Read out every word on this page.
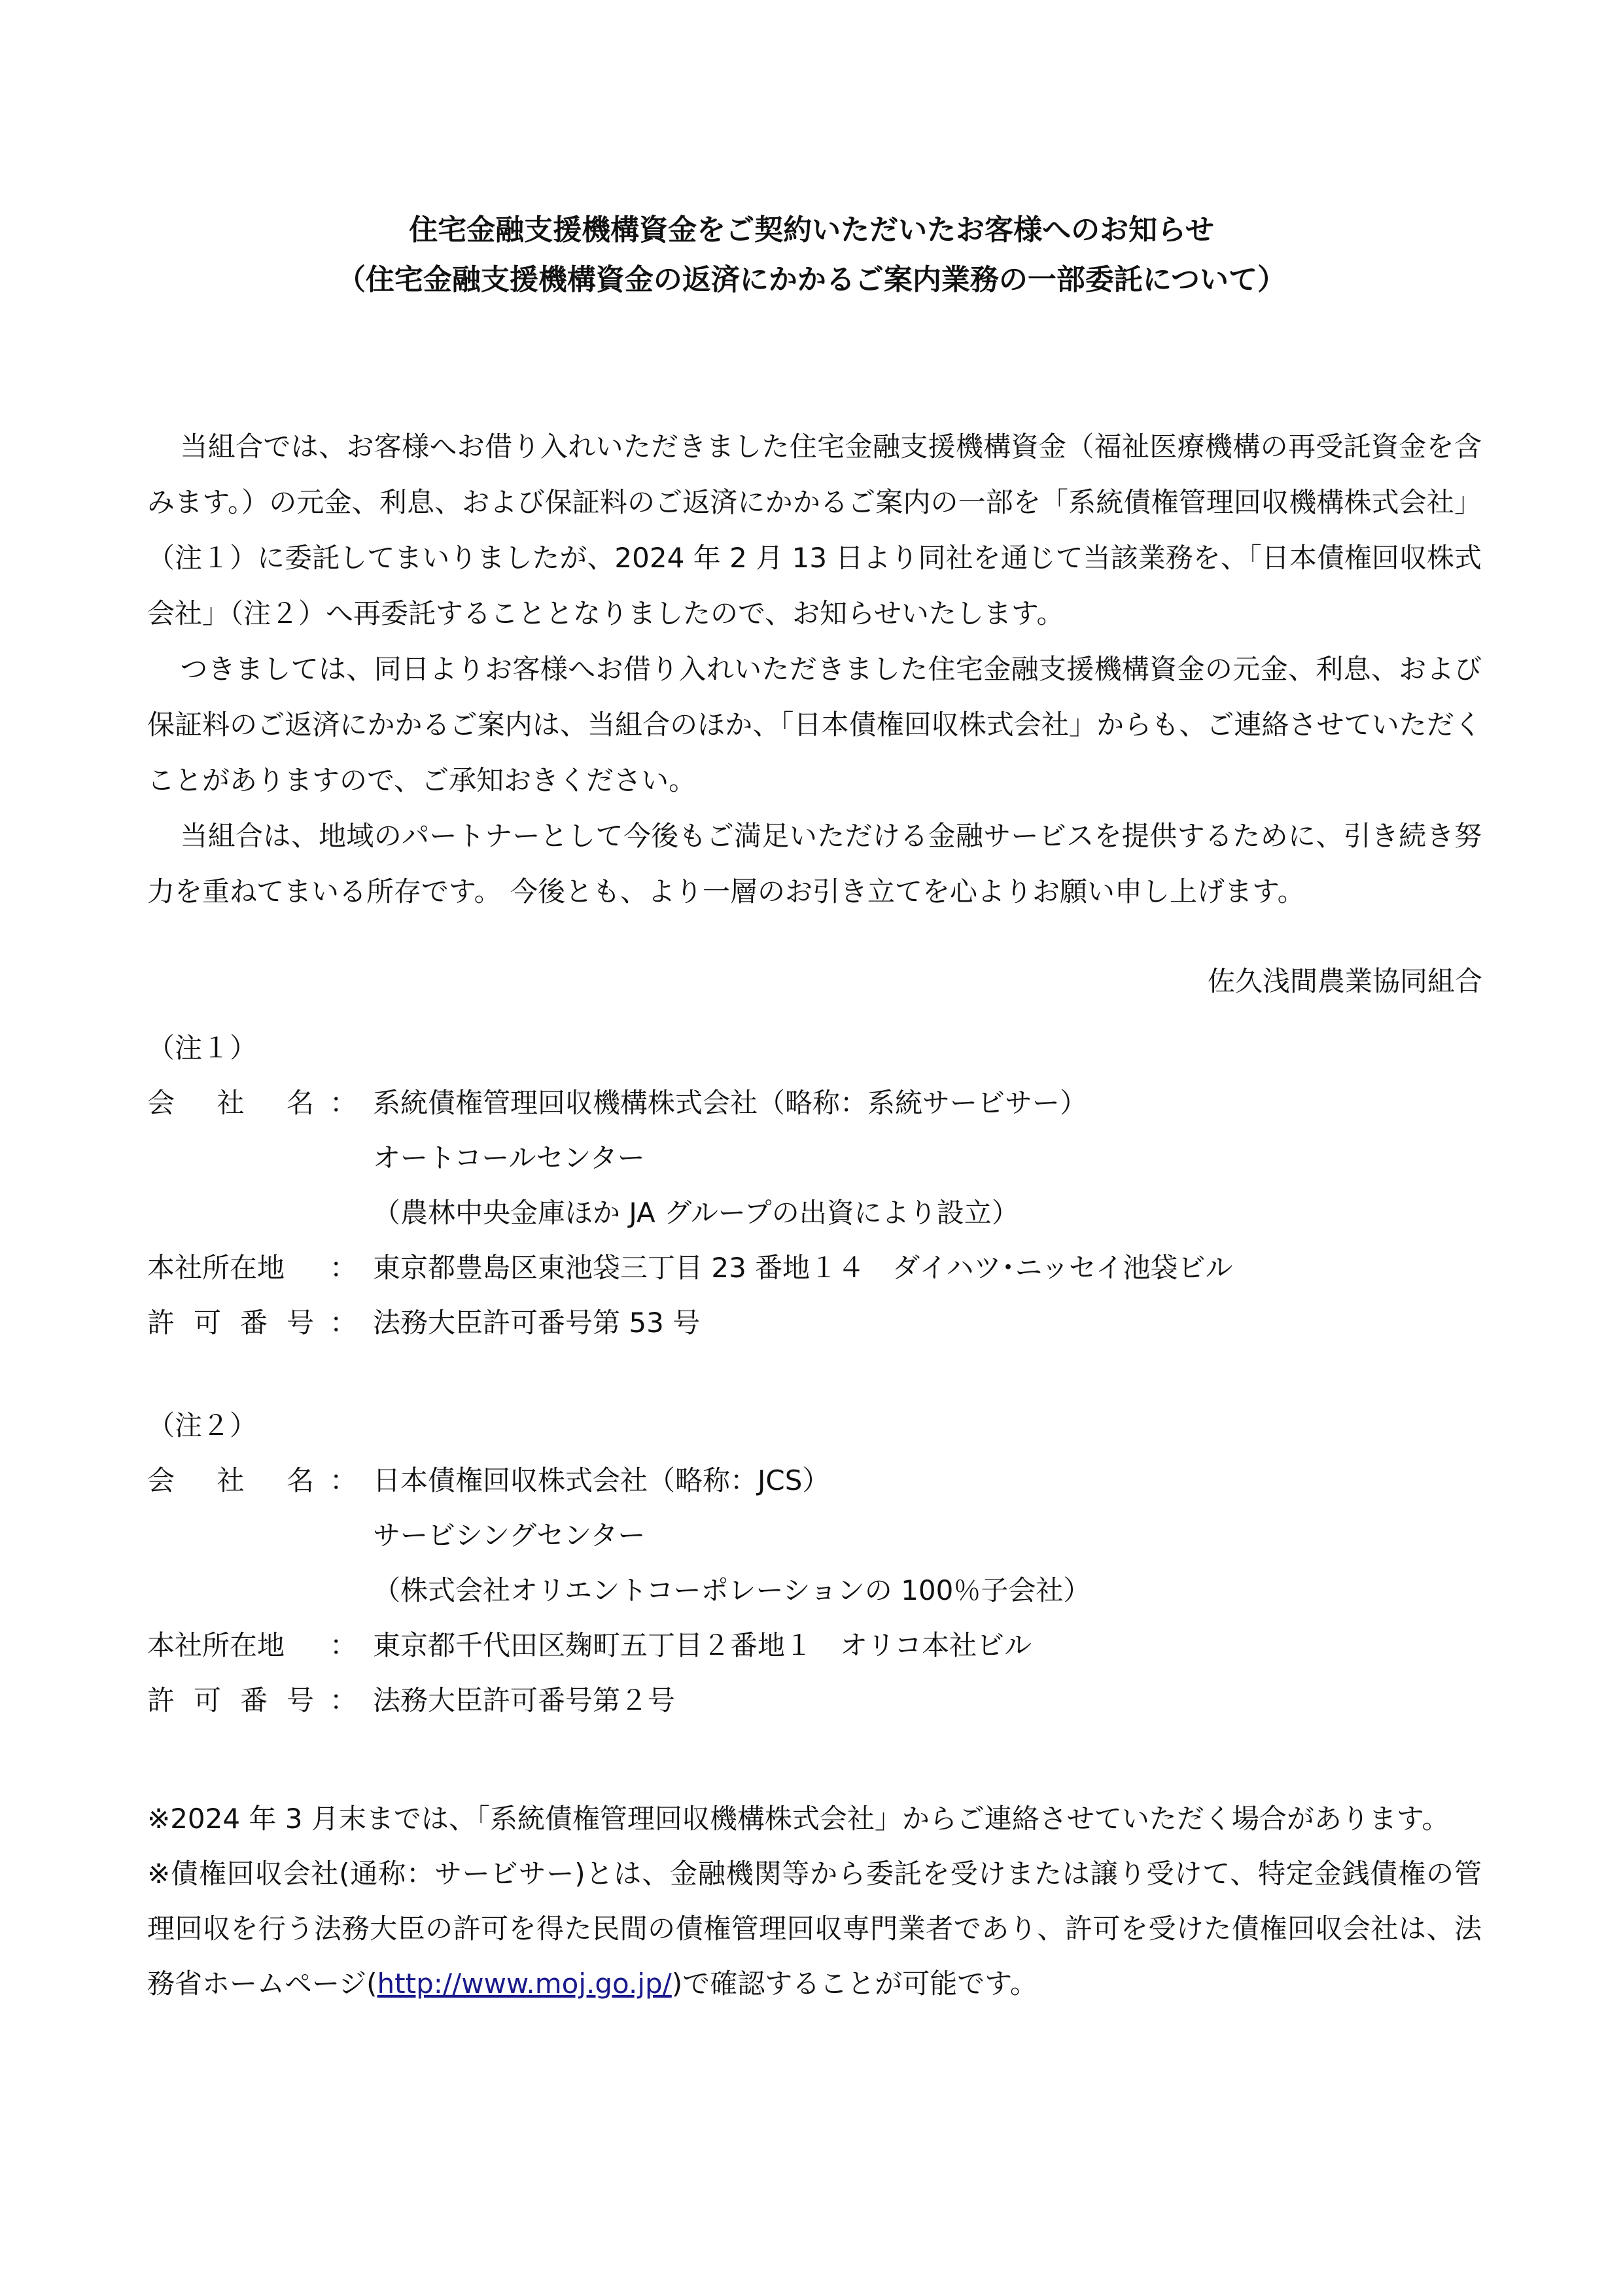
住宅金融支援機構資金をご契約いただいたお客様へのお知らせ
（住宅金融支援機構資金の返済にかかるご案内業務の一部委託について）

当組合では、お客様へお借り入れいただきました住宅金融支援機構資金（福祉医療機構の再受託資金を含みます。）の元金、利息、および保証料のご返済にかかるご案内の一部を「系統債権管理回収機構株式会社」（注１）に委託してまいりましたが、2024 年 2 月 13 日より同社を通じて当該業務を、「日本債権回収株式会社」（注２）へ再委託することとなりましたので、お知らせいたします。

つきましては、同日よりお客様へお借り入れいただきました住宅金融支援機構資金の元金、利息、および保証料のご返済にかかるご案内は、当組合のほか、「日本債権回収株式会社」からも、ご連絡させていただくことがありますので、ご承知おきください。

当組合は、地域のパートナーとして今後もご満足いただける金融サービスを提供するために、引き続き努力を重ねてまいる所存です。 今後とも、より一層のお引き立てを心よりお願い申し上げます。

佐久浅間農業協同組合
（注１）
会 社 名 ： 系統債権管理回収機構株式会社（略称：系統サービサー）
オートコールセンター
（農林中央金庫ほか JA グループの出資により設立）
本社所在地	： 東京都豊島区東池袋三丁目 23 番地１４　ダイハツ･ニッセイ池袋ビル
許 可 番 号 ： 法務大臣許可番号第 53 号
（注２）
会 社 名 ： 日本債権回収株式会社（略称：JCS）
サービシングセンター
（株式会社オリエントコーポレーションの 100％子会社）
本社所在地	： 東京都千代田区麹町五丁目２番地１　オリコ本社ビル
許 可 番 号 ： 法務大臣許可番号第２号

※2024 年 3 月末までは、「系統債権管理回収機構株式会社」からご連絡させていただく場合があります。

※債権回収会社(通称：サービサー)とは、金融機関等から委託を受けまたは譲り受けて、特定金銭債権の管理回収を行う法務大臣の許可を得た民間の債権管理回収専門業者であり、許可を受けた債権回収会社は、法務省ホームページ(http://www.moj.go.jp/)で確認することが可能です。
